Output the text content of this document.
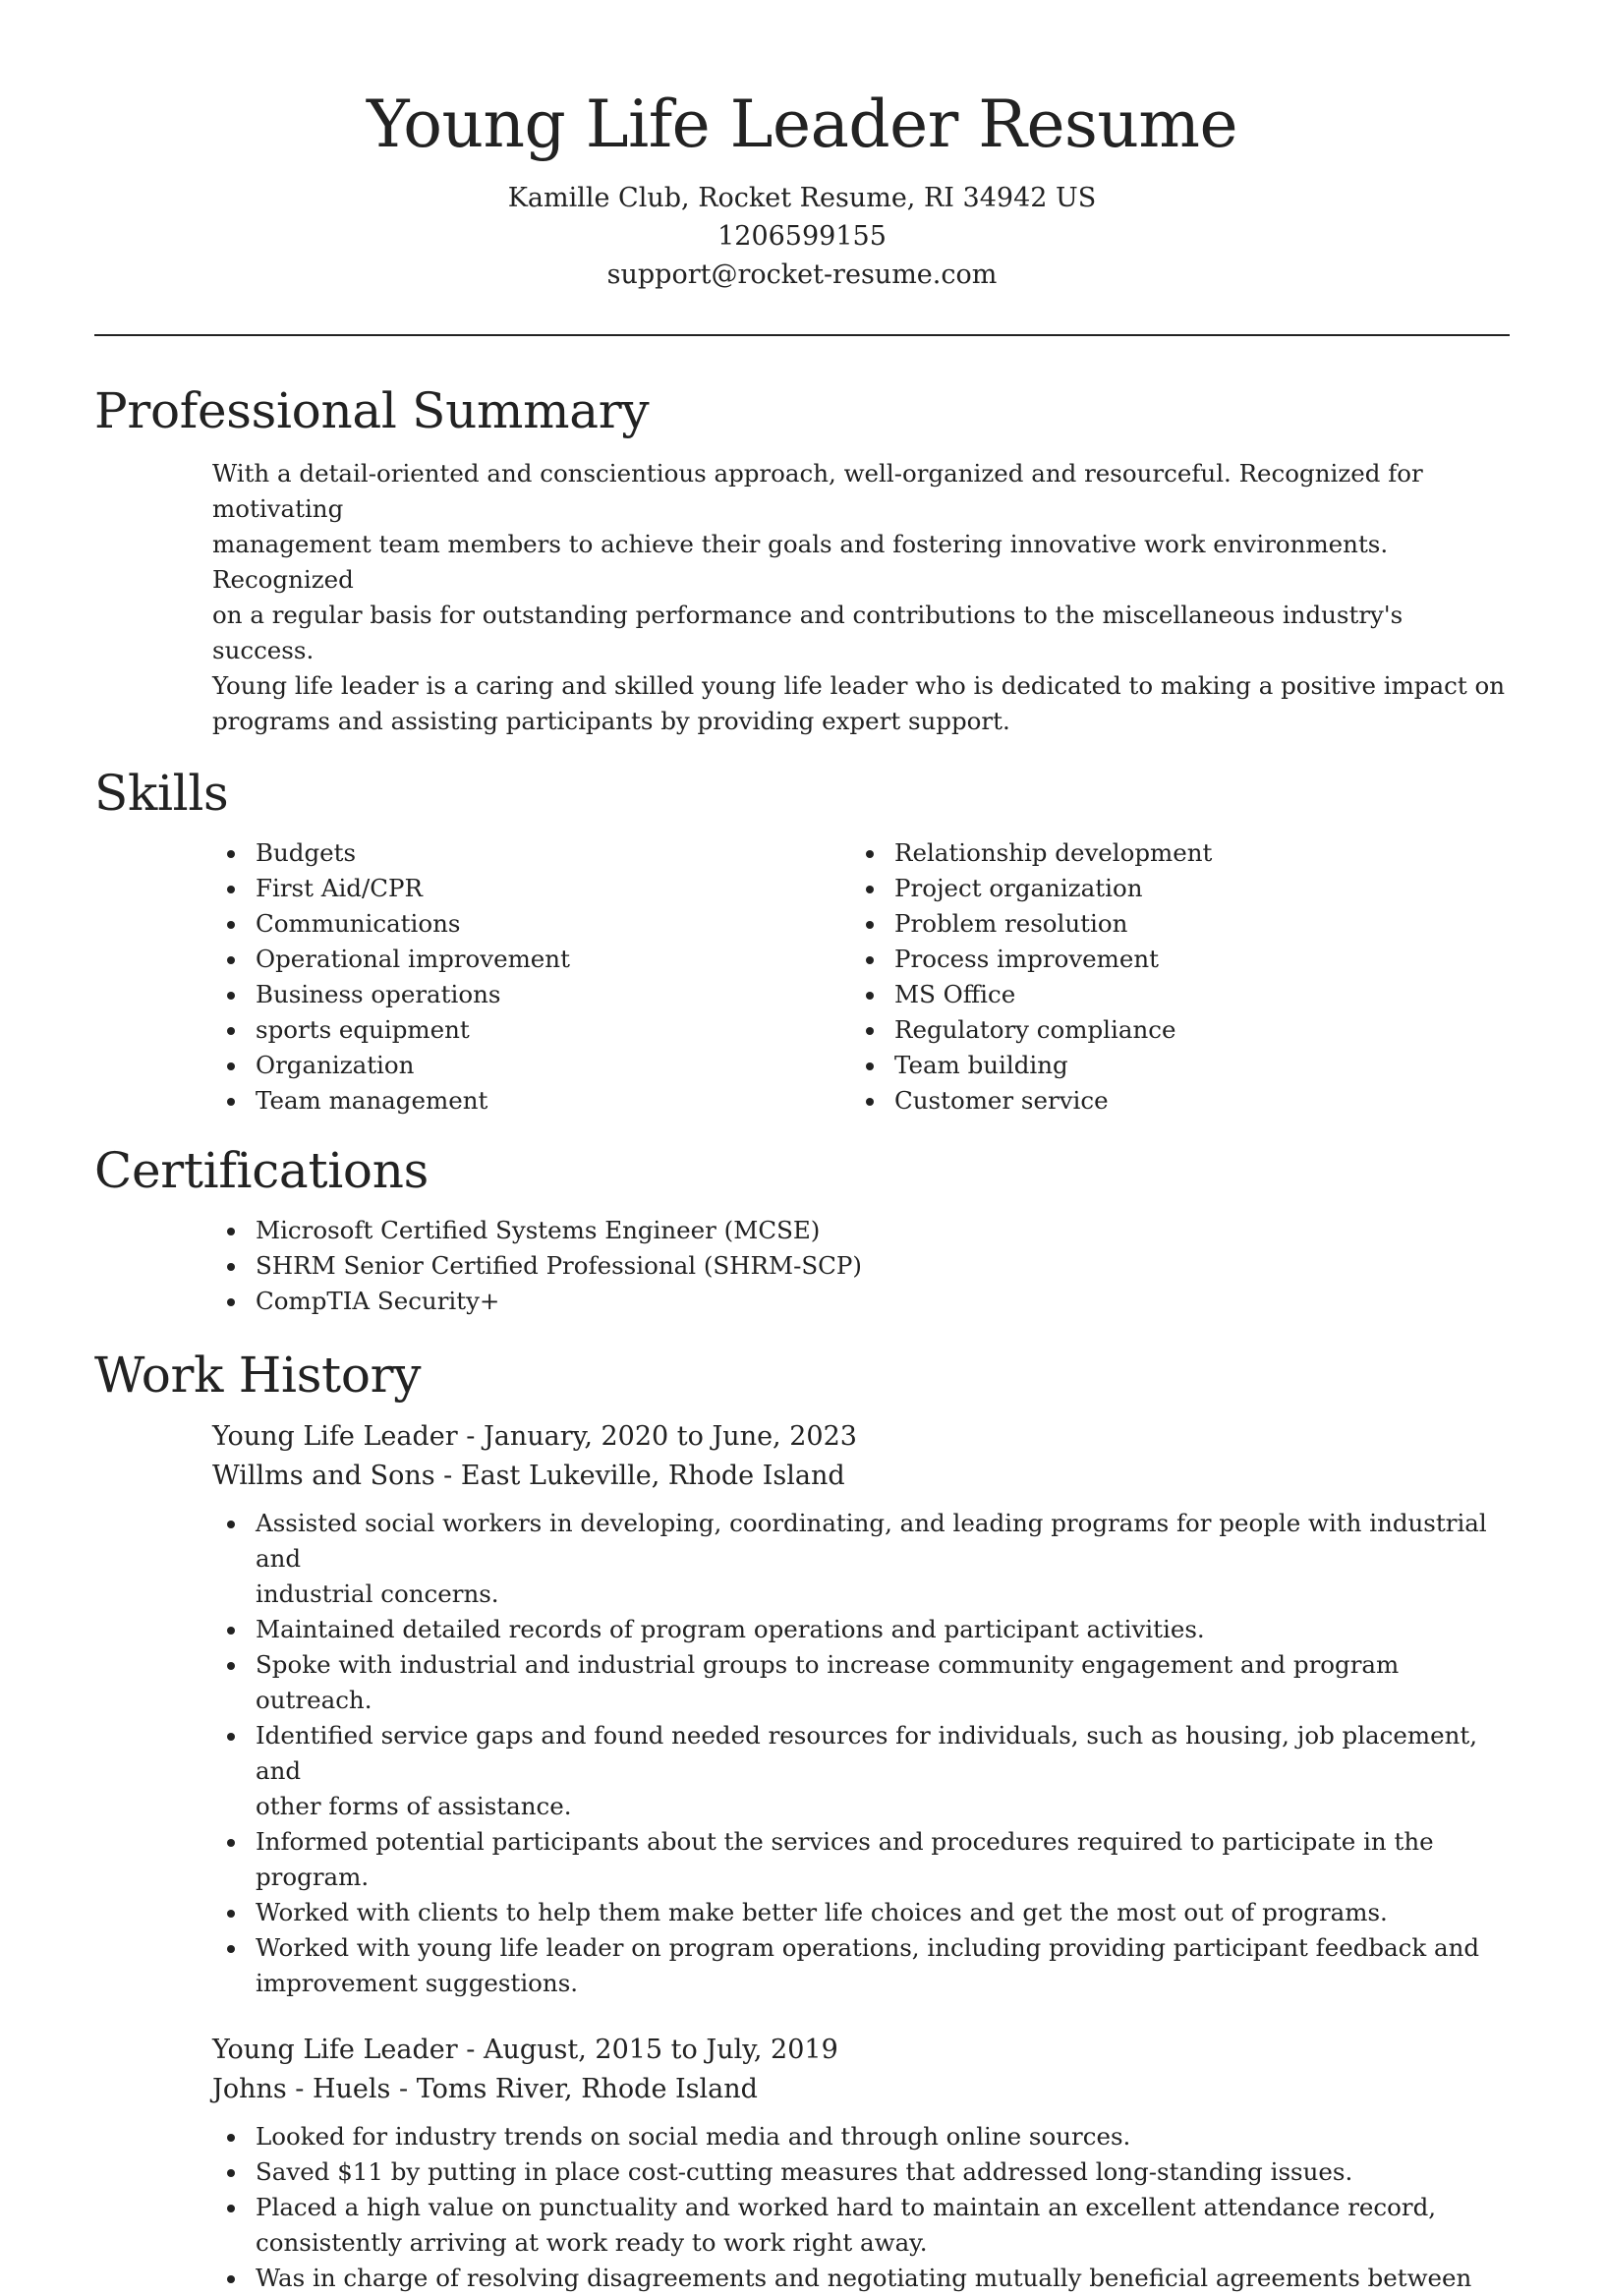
Young Life Leader Resume
Kamille Club, Rocket Resume, RI 34942 US
1206599155
support@rocket-resume.com
Professional Summary
With a detail-oriented and conscientious approach, well-organized and resourceful. Recognized for motivating
management team members to achieve their goals and fostering innovative work environments. Recognized
on a regular basis for outstanding performance and contributions to the miscellaneous industry's success.
Young life leader is a caring and skilled young life leader who is dedicated to making a positive impact on
programs and assisting participants by providing expert support.
Skills
Budgets
First Aid/CPR
Communications
Operational improvement
Business operations
sports equipment
Organization
Team management
Relationship development
Project organization
Problem resolution
Process improvement
MS Office
Regulatory compliance
Team building
Customer service
Certifications
Microsoft Certified Systems Engineer (MCSE)
SHRM Senior Certified Professional (SHRM-SCP)
CompTIA Security+
Work History
Young Life Leader - January, 2020 to June, 2023
Willms and Sons - East Lukeville, Rhode Island
Assisted social workers in developing, coordinating, and leading programs for people with industrial and
industrial concerns.
Maintained detailed records of program operations and participant activities.
Spoke with industrial and industrial groups to increase community engagement and program outreach.
Identified service gaps and found needed resources for individuals, such as housing, job placement, and
other forms of assistance.
Informed potential participants about the services and procedures required to participate in the program.
Worked with clients to help them make better life choices and get the most out of programs.
Worked with young life leader on program operations, including providing participant feedback and
improvement suggestions.
Young Life Leader - August, 2015 to July, 2019
Johns - Huels - Toms River, Rhode Island
Looked for industry trends on social media and through online sources.
Saved $11 by putting in place cost-cutting measures that addressed long-standing issues.
Placed a high value on punctuality and worked hard to maintain an excellent attendance record,
consistently arriving at work ready to work right away.
Was in charge of resolving disagreements and negotiating mutually beneficial agreements between
